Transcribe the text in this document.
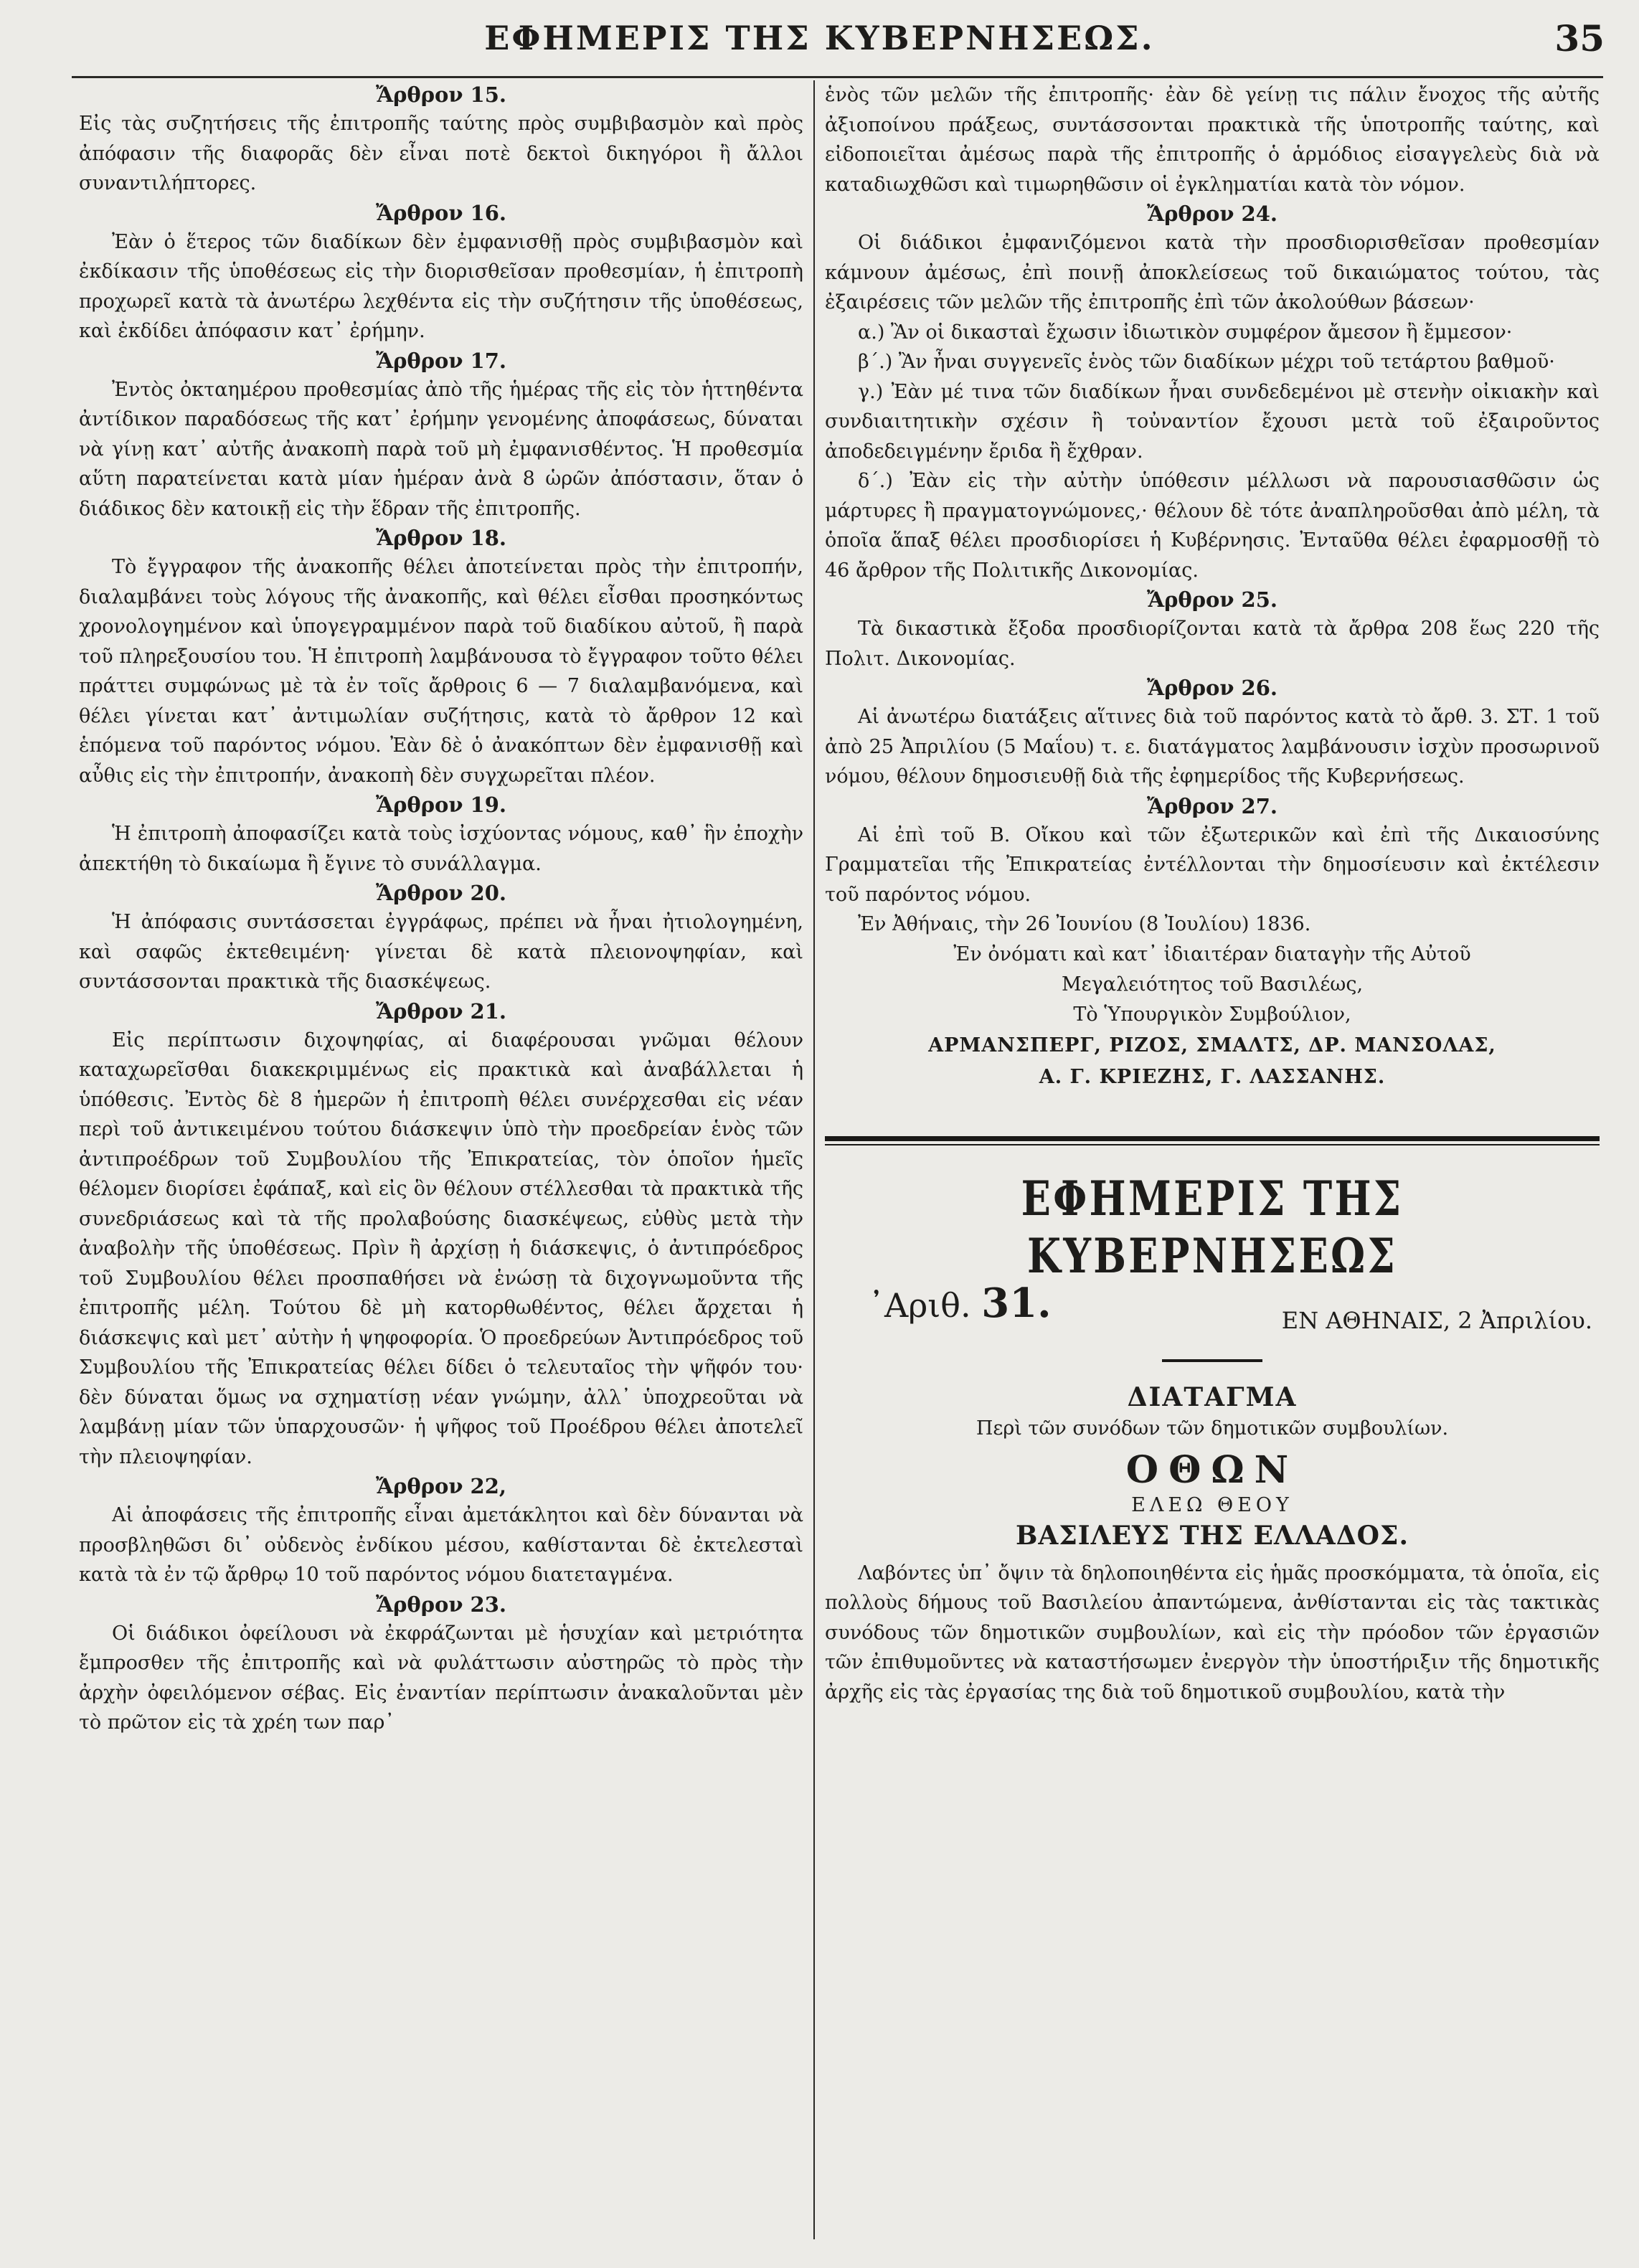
ΕΦΗΜΕΡΙΣ ΤΗΣ ΚΥΒΕΡΝΗΣΕΩΣ.	35
Ἄρθρον 15.

Εἰς τὰς συζητήσεις τῆς ἐπιτροπῆς ταύτης πρὸς συμβιβασμὸν καὶ πρὸς ἀπόφασιν τῆς διαφορᾶς δὲν εἶναι ποτὲ δεκτοὶ δικηγόροι ἢ ἄλλοι συναντιλήπτορες.

Ἄρθρον 16.

Ἐὰν ὁ ἕτερος τῶν διαδίκων δὲν ἐμφανισθῇ πρὸς συμβιβασμὸν καὶ ἐκδίκασιν τῆς ὑποθέσεως εἰς τὴν διορισθεῖσαν προθεσμίαν, ἡ ἐπιτροπὴ προχωρεῖ κατὰ τὰ ἀνωτέρω λεχθέντα εἰς τὴν συζήτησιν τῆς ὑποθέσεως, καὶ ἐκδίδει ἀπόφασιν κατ᾽ ἐρήμην.

Ἄρθρον 17.

Ἐντὸς ὀκταημέρου προθεσμίας ἀπὸ τῆς ἡμέρας τῆς εἰς τὸν ἡττηθέντα ἀντίδικον παραδόσεως τῆς κατ᾽ ἐρήμην γενομένης ἀποφάσεως, δύναται νὰ γίνῃ κατ᾽ αὐτῆς ἀνακοπὴ παρὰ τοῦ μὴ ἐμφανισθέντος. Ἡ προθεσμία αὕτη παρατείνεται κατὰ μίαν ἡμέραν ἀνὰ 8 ὡρῶν ἀπόστασιν, ὅταν ὁ διάδικος δὲν κατοικῇ εἰς τὴν ἕδραν τῆς ἐπιτροπῆς.

Ἄρθρον 18.

Τὸ ἔγγραφον τῆς ἀνακοπῆς θέλει ἀποτείνεται πρὸς τὴν ἐπιτροπήν, διαλαμβάνει τοὺς λόγους τῆς ἀνακοπῆς, καὶ θέλει εἶσθαι προσηκόντως χρονολογημένον καὶ ὑπογεγραμμένον παρὰ τοῦ διαδίκου αὐτοῦ, ἢ παρὰ τοῦ πληρεξουσίου του. Ἡ ἐπιτροπὴ λαμβάνουσα τὸ ἔγγραφον τοῦτο θέλει πράττει συμφώνως μὲ τὰ ἐν τοῖς ἄρθροις 6 — 7 διαλαμβανόμενα, καὶ θέλει γίνεται κατ᾽ ἀντιμωλίαν συζήτησις, κατὰ τὸ ἄρθρον 12 καὶ ἑπόμενα τοῦ παρόντος νόμου. Ἐὰν δὲ ὁ ἀνακόπτων δὲν ἐμφανισθῇ καὶ αὖθις εἰς τὴν ἐπιτροπήν, ἀνακοπὴ δὲν συγχωρεῖται πλέον.

Ἄρθρον 19.

Ἡ ἐπιτροπὴ ἀποφασίζει κατὰ τοὺς ἰσχύοντας νόμους, καθ᾽ ἣν ἐποχὴν ἀπεκτήθη τὸ δικαίωμα ἢ ἔγινε τὸ συνάλλαγμα.

Ἄρθρον 20.

Ἡ ἀπόφασις συντάσσεται ἐγγράφως, πρέπει νὰ ἦναι ἠτιολογημένη, καὶ σαφῶς ἐκτεθειμένη· γίνεται δὲ κατὰ πλειονοψηφίαν, καὶ συντάσσονται πρακτικὰ τῆς διασκέψεως.

Ἄρθρον 21.

Εἰς περίπτωσιν διχοψηφίας, αἱ διαφέρουσαι γνῶμαι θέλουν καταχωρεῖσθαι διακεκριμμένως εἰς πρακτικὰ καὶ ἀναβάλλεται ἡ ὑπόθεσις. Ἐντὸς δὲ 8 ἡμερῶν ἡ ἐπιτροπὴ θέλει συνέρχεσθαι εἰς νέαν περὶ τοῦ ἀντικειμένου τούτου διάσκεψιν ὑπὸ τὴν προεδρείαν ἑνὸς τῶν ἀντιπροέδρων τοῦ Συμβουλίου τῆς Ἐπικρατείας, τὸν ὁποῖον ἡμεῖς θέλομεν διορίσει ἐφάπαξ, καὶ εἰς ὃν θέλουν στέλλεσθαι τὰ πρακτικὰ τῆς συνεδριάσεως καὶ τὰ τῆς προλαβούσης διασκέψεως, εὐθὺς μετὰ τὴν ἀναβολὴν τῆς ὑποθέσεως. Πρὶν ἢ ἀρχίσῃ ἡ διάσκεψις, ὁ ἀντιπρόεδρος τοῦ Συμβουλίου θέλει προσπαθήσει νὰ ἑνώσῃ τὰ διχογνωμοῦντα τῆς ἐπιτροπῆς μέλη. Τούτου δὲ μὴ κατορθωθέντος, θέλει ἄρχεται ἡ διάσκεψις καὶ μετ᾽ αὐτὴν ἡ ψηφοφορία. Ὁ προεδρεύων Ἀντιπρόεδρος τοῦ Συμβουλίου τῆς Ἐπικρατείας θέλει δίδει ὁ τελευταῖος τὴν ψῆφόν του· δὲν δύναται ὅμως να σχηματίσῃ νέαν γνώμην, ἀλλ᾽ ὑποχρεοῦται νὰ λαμβάνῃ μίαν τῶν ὑπαρχουσῶν· ἡ ψῆφος τοῦ Προέδρου θέλει ἀποτελεῖ τὴν πλειοψηφίαν.

Ἄρθρον 22,

Αἱ ἀποφάσεις τῆς ἐπιτροπῆς εἶναι ἀμετάκλητοι καὶ δὲν δύνανται νὰ προσβληθῶσι δι᾽ οὐδενὸς ἐνδίκου μέσου, καθίστανται δὲ ἐκτελεσταὶ κατὰ τὰ ἐν τῷ ἄρθρῳ 10 τοῦ παρόντος νόμου διατεταγμένα.

Ἄρθρον 23.

Οἱ διάδικοι ὀφείλουσι νὰ ἐκφράζωνται μὲ ἡσυχίαν καὶ μετριότητα ἔμπροσθεν τῆς ἐπιτροπῆς καὶ νὰ φυλάττωσιν αὐστηρῶς τὸ πρὸς τὴν ἀρχὴν ὀφειλόμενον σέβας. Εἰς ἐναντίαν περίπτωσιν ἀνακαλοῦνται μὲν τὸ πρῶτον εἰς τὰ χρέη των παρ᾽

ἑνὸς τῶν μελῶν τῆς ἐπιτροπῆς· ἐὰν δὲ γείνῃ τις πάλιν ἔνοχος τῆς αὐτῆς ἀξιοποίνου πράξεως, συντάσσονται πρακτικὰ τῆς ὑποτροπῆς ταύτης, καὶ εἰδοποιεῖται ἀμέσως παρὰ τῆς ἐπιτροπῆς ὁ ἁρμόδιος εἰσαγγελεὺς διὰ νὰ καταδιωχθῶσι καὶ τιμωρηθῶσιν οἱ ἐγκληματίαι κατὰ τὸν νόμον.

Ἄρθρον 24.

Οἱ διάδικοι ἐμφανιζόμενοι κατὰ τὴν προσδιορισθεῖσαν προθεσμίαν κάμνουν ἀμέσως, ἐπὶ ποινῇ ἀποκλείσεως τοῦ δικαιώματος τούτου, τὰς ἐξαιρέσεις τῶν μελῶν τῆς ἐπιτροπῆς ἐπὶ τῶν ἀκολούθων βάσεων·

α.) Ἂν οἱ δικασταὶ ἔχωσιν ἰδιωτικὸν συμφέρον ἄμεσον ἢ ἔμμεσον·

β΄.) Ἂν ἦναι συγγενεῖς ἑνὸς τῶν διαδίκων μέχρι τοῦ τετάρτου βαθμοῦ·

γ.) Ἐὰν μέ τινα τῶν διαδίκων ἦναι συνδεδεμένοι μὲ στενὴν οἰκιακὴν καὶ συνδιαιτητικὴν σχέσιν ἢ τοὐναντίον ἔχουσι μετὰ τοῦ ἐξαιροῦντος ἀποδεδειγμένην ἔριδα ἢ ἔχθραν.

δ΄.) Ἐὰν εἰς τὴν αὐτὴν ὑπόθεσιν μέλλωσι νὰ παρουσιασθῶσιν ὡς μάρτυρες ἢ πραγματογνώμονες,· θέλουν δὲ τότε ἀναπληροῦσθαι ἀπὸ μέλη, τὰ ὁποῖα ἅπαξ θέλει προσδιορίσει ἡ Κυβέρνησις. Ἐνταῦθα θέλει ἐφαρμοσθῇ τὸ 46 ἄρθρον τῆς Πολιτικῆς Δικονομίας.

Ἄρθρον 25.

Τὰ δικαστικὰ ἔξοδα προσδιορίζονται κατὰ τὰ ἄρθρα 208 ἕως 220 τῆς Πολιτ. Δικονομίας.

Ἄρθρον 26.

Αἱ ἀνωτέρω διατάξεις αἵτινες διὰ τοῦ παρόντος κατὰ τὸ ἄρθ. 3. ΣΤ. 1 τοῦ ἀπὸ 25 Ἀπριλίου (5 Μαΐου) τ. ε. διατάγματος λαμβάνουσιν ἰσχὺν προσωρινοῦ νόμου, θέλουν δημοσιευθῇ διὰ τῆς ἐφημερίδος τῆς Κυβερνήσεως.

Ἄρθρον 27.

Αἱ ἐπὶ τοῦ Β. Οἴκου καὶ τῶν ἐξωτερικῶν καὶ ἐπὶ τῆς Δικαιοσύνης Γραμματεῖαι τῆς Ἐπικρατείας ἐντέλλονται τὴν δημοσίευσιν καὶ ἐκτέλεσιν τοῦ παρόντος νόμου.

Ἐν Ἀθήναις, τὴν 26 Ἰουνίου (8 Ἰουλίου) 1836.

Ἐν ὀνόματι καὶ κατ᾽ ἰδιαιτέραν διαταγὴν τῆς Αὐτοῦ

Μεγαλειότητος τοῦ Βασιλέως,

Τὸ Ὑπουργικὸν Συμβούλιον,

ΑΡΜΑΝΣΠΕΡΓ, ΡΙΖΟΣ, ΣΜΑΛΤΣ, ΔΡ. ΜΑΝΣΟΛΑΣ,

Α. Γ. ΚΡΙΕΖΗΣ, Γ. ΛΑΣΣΑΝΗΣ.

ΕΦΗΜΕΡΙΣ ΤΗΣ ΚΥΒΕΡΝΗΣΕΩΣ
᾽Αριθ. 31.	ΕΝ ΑΘΗΝΑΙΣ, 2 Ἀπριλίου.

ΔΙΑΤΑΓΜΑ

Περὶ τῶν συνόδων τῶν δημοτικῶν συμβουλίων.

ΟΘΩΝ

ΕΛΕΩ ΘΕΟΥ

ΒΑΣΙΛΕΥΣ ΤΗΣ ΕΛΛΑΔΟΣ.

Λαβόντες ὑπ᾽ ὄψιν τὰ δηλοποιηθέντα εἰς ἡμᾶς προσκόμματα, τὰ ὁποῖα, εἰς πολλοὺς δήμους τοῦ Βασιλείου ἀπαντώμενα, ἀνθίστανται εἰς τὰς τακτικὰς συνόδους τῶν δημοτικῶν συμβουλίων, καὶ εἰς τὴν πρόοδον τῶν ἐργασιῶν τῶν ἐπιθυμοῦντες νὰ καταστήσωμεν ἐνεργὸν τὴν ὑποστήριξιν τῆς δημοτικῆς ἀρχῆς εἰς τὰς ἐργασίας της διὰ τοῦ δημοτικοῦ συμβουλίου, κατὰ τὴν
